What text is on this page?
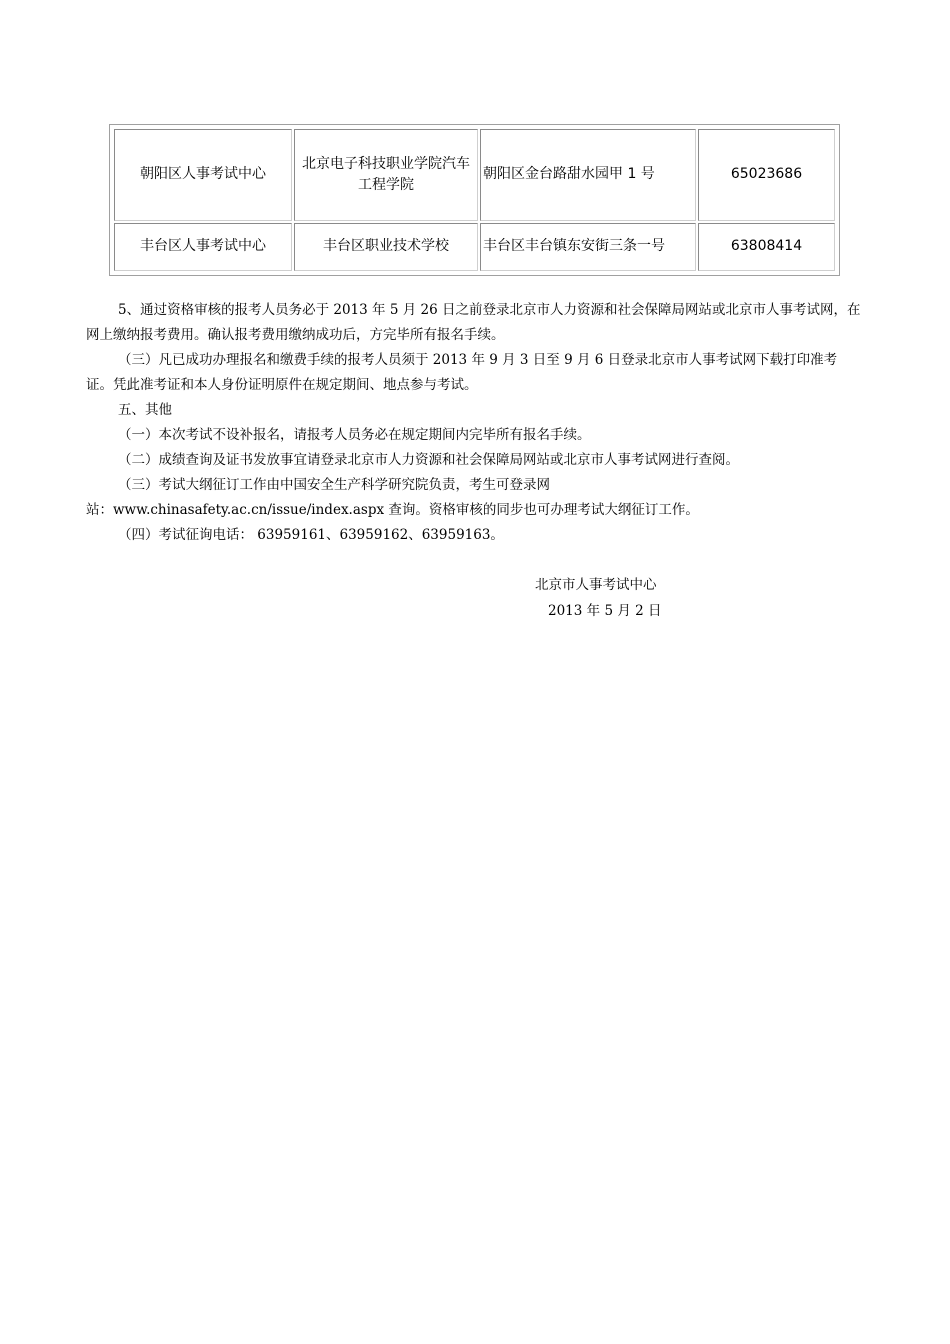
朝阳区人事考试中心	北京电子科技职业学院汽车工程学院	朝阳区金台路甜水园甲 1 号	65023686
丰台区人事考试中心	丰台区职业技术学校	丰台区丰台镇东安街三条一号	63808414

5、通过资格审核的报考人员务必于 2013 年 5 月 26 日之前登录北京市人力资源和社会保障局网站或北京市人事考试网，在网上缴纳报考费用。确认报考费用缴纳成功后，方完毕所有报名手续。

（三）凡已成功办理报名和缴费手续的报考人员须于 2013 年 9 月 3 日至 9 月 6 日登录北京市人事考试网下载打印准考证。凭此准考证和本人身份证明原件在规定期间、地点参与考试。

五、其他

（一）本次考试不设补报名，请报考人员务必在规定期间内完毕所有报名手续。

（二）成绩查询及证书发放事宜请登录北京市人力资源和社会保障局网站或北京市人事考试网进行查阅。

（三）考试大纲征订工作由中国安全生产科学研究院负责，考生可登录网

站：www.chinasafety.ac.cn/issue/index.aspx 查询。资格审核的同步也可办理考试大纲征订工作。

（四）考试征询电话： 63959161、63959162、63959163。

北京市人事考试中心

2013 年 5 月 2 日
